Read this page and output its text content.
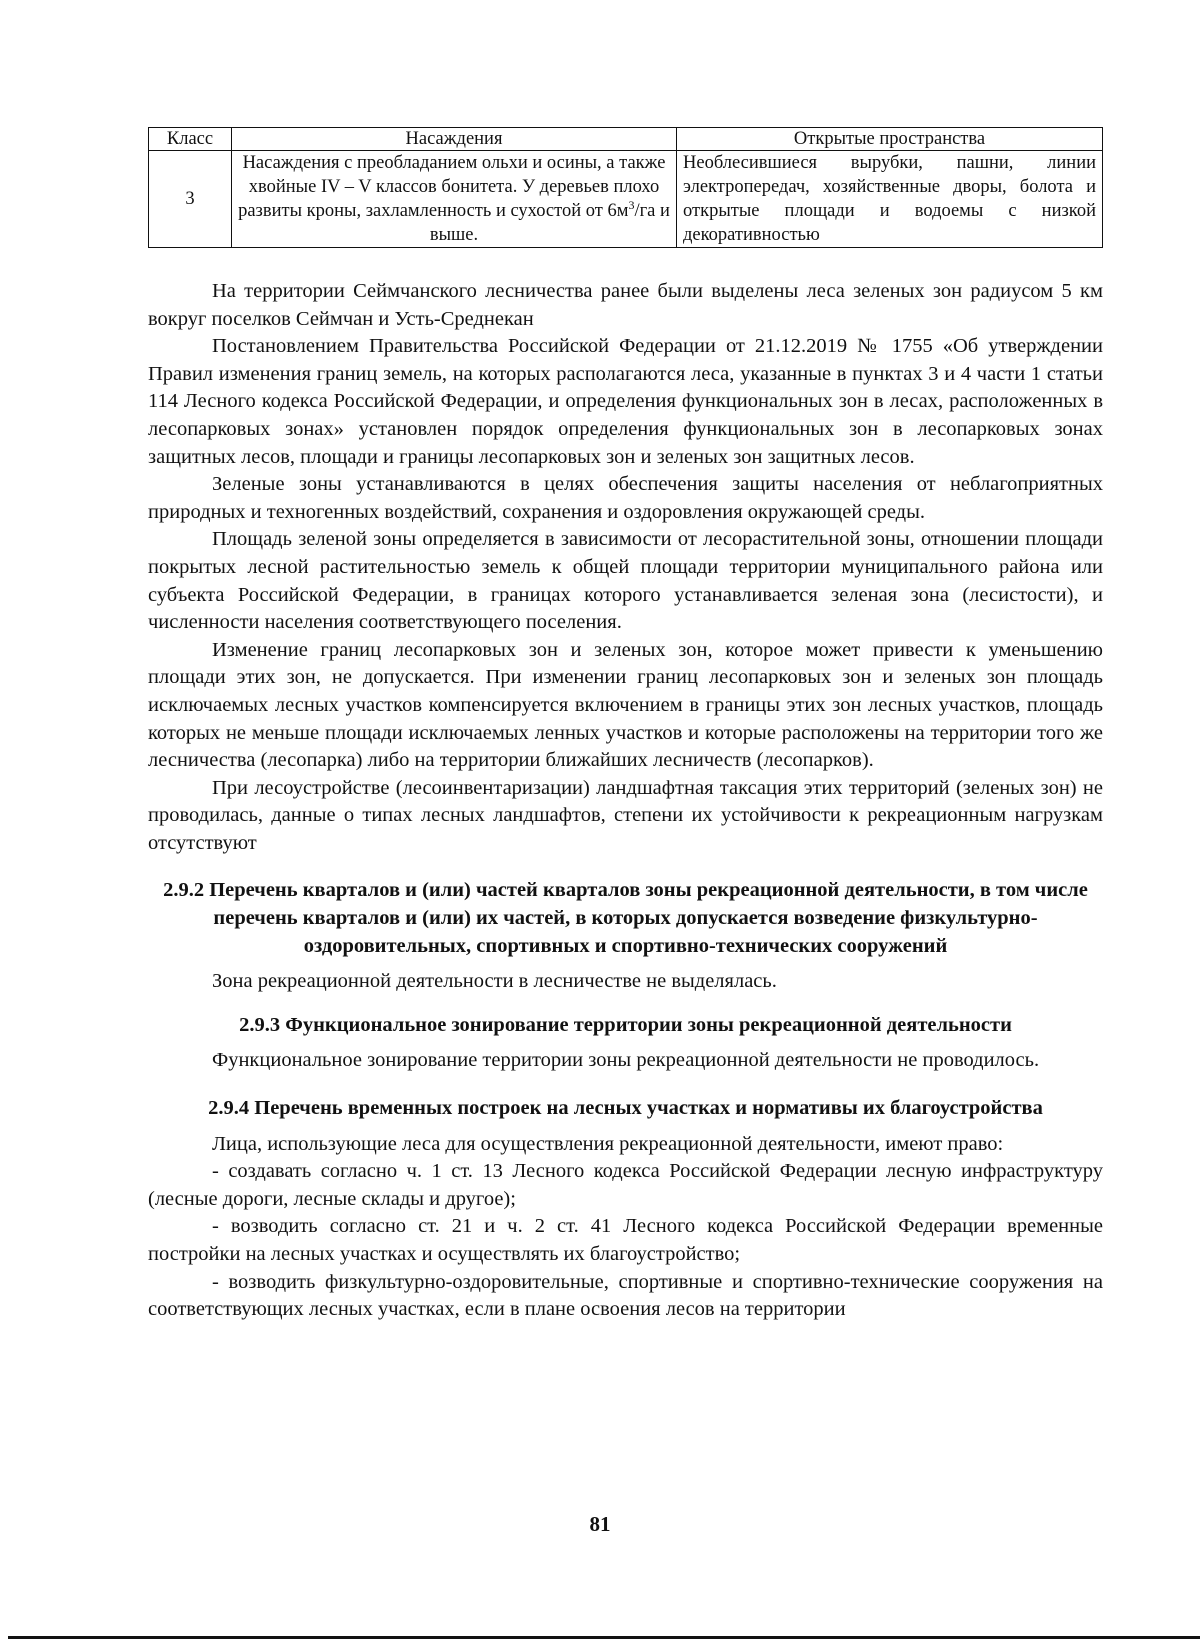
Класс	Насаждения	Открытые пространства
3	Насаждения с преобладанием ольхи и осины, а также хвойные IV – V классов бонитета. У деревьев плохо развиты кроны, захламленность и сухостой от $6м^3/га$ и выше.	Необлесившиеся вырубки, пашни, линии электропередач, хозяйственные дворы, болота и открытые площади и водоемы с низкой декоративностью

На территории Сеймчанского лесничества ранее были выделены леса зеленых зон радиусом 5 км вокруг поселков Сеймчан и Усть-Среднекан

Постановлением Правительства Российской Федерации от 21.12.2019 № 1755 «Об утверждении Правил изменения границ земель, на которых располагаются леса, указанные в пунктах 3 и 4 части 1 статьи 114 Лесного кодекса Российской Федерации, и определения функциональных зон в лесах, расположенных в лесопарковых зонах» установлен порядок определения функциональных зон в лесопарковых зонах защитных лесов, площади и границы лесопарковых зон и зеленых зон защитных лесов.

Зеленые зоны устанавливаются в целях обеспечения защиты населения от неблагоприятных природных и техногенных воздействий, сохранения и оздоровления окружающей среды.

Площадь зеленой зоны определяется в зависимости от лесорастительной зоны, отношении площади покрытых лесной растительностью земель к общей площади территории муниципального района или субъекта Российской Федерации, в границах которого устанавливается зеленая зона (лесистости), и численности населения соответствующего поселения.

Изменение границ лесопарковых зон и зеленых зон, которое может привести к уменьшению площади этих зон, не допускается. При изменении границ лесопарковых зон и зеленых зон площадь исключаемых лесных участков компенсируется включением в границы этих зон лесных участков, площадь которых не меньше площади исключаемых ленных участков и которые расположены на территории того же лесничества (лесопарка) либо на территории ближайших лесничеств (лесопарков).

При лесоустройстве (лесоинвентаризации) ландшафтная таксация этих территорий (зеленых зон) не проводилась, данные о типах лесных ландшафтов, степени их устойчивости к рекреационным нагрузкам отсутствуют

2.9.2 Перечень кварталов и (или) частей кварталов зоны рекреационной деятельности, в том числе перечень кварталов и (или) их частей, в которых допускается возведение физкультурно-оздоровительных, спортивных и спортивно-технических сооружений

Зона рекреационной деятельности в лесничестве не выделялась.

2.9.3 Функциональное зонирование территории зоны рекреационной деятельности

Функциональное зонирование территории зоны рекреационной деятельности не проводилось.

2.9.4 Перечень временных построек на лесных участках и нормативы их благоустройства

Лица, использующие леса для осуществления рекреационной деятельности, имеют право:

- создавать согласно ч. 1 ст. 13 Лесного кодекса Российской Федерации лесную инфраструктуру (лесные дороги, лесные склады и другое);

- возводить согласно ст. 21 и ч. 2 ст. 41 Лесного кодекса Российской Федерации временные постройки на лесных участках и осуществлять их благоустройство;

- возводить физкультурно-оздоровительные, спортивные и спортивно-технические сооружения на соответствующих лесных участках, если в плане освоения лесов на территории

81
